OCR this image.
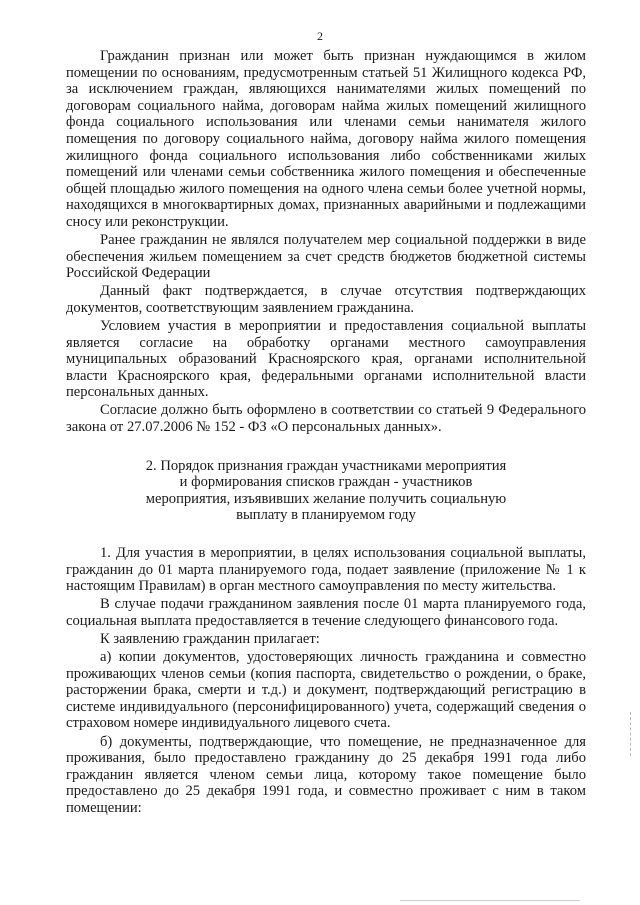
2

Гражданин признан или может быть признан нуждающимся в жилом помещении по основаниям, предусмотренным статьей 51 Жилищного кодекса РФ, за исключением граждан, являющихся нанимателями жилых помещений по договорам социального найма, договорам найма жилых помещений жилищного фонда социального использования или членами семьи нанимателя жилого помещения по договору социального найма, договору найма жилого помещения жилищного фонда социального использования либо собственниками жилых помещений или членами семьи собственника жилого помещения и обеспеченные общей площадью жилого помещения на одного члена семьи более учетной нормы, находящихся в многоквартирных домах, признанных аварийными и подлежащими сносу или реконструкции.

Ранее гражданин не являлся получателем мер социальной поддержки в виде обеспечения жильем помещением за счет средств бюджетов бюджетной системы Российской Федерации

Данный факт подтверждается, в случае отсутствия подтверждающих документов, соответствующим заявлением гражданина.

Условием участия в мероприятии и предоставления социальной выплаты является согласие на обработку органами местного самоуправления муниципальных образований Красноярского края, органами исполнительной власти Красноярского края, федеральными органами исполнительной власти персональных данных.

Согласие должно быть оформлено в соответствии со статьей 9 Федерального закона от 27.07.2006 № 152 - ФЗ «О персональных данных».

2. Порядок признания граждан участниками мероприятия
и формирования списков граждан - участников
мероприятия, изъявивших желание получить социальную
выплату в планируемом году

1. Для участия в мероприятии, в целях использования социальной выплаты, гражданин до 01 марта планируемого года, подает заявление (приложение № 1 к настоящим Правилам) в орган местного самоуправления по месту жительства.

В случае подачи гражданином заявления после 01 марта планируемого года, социальная выплата предоставляется в течение следующего финансового года.

К заявлению гражданин прилагает:

а) копии документов, удостоверяющих личность гражданина и совместно проживающих членов семьи (копия паспорта, свидетельство о рождении, о браке, расторжении брака, смерти и т.д.) и документ, подтверждающий регистрацию в системе индивидуального (персонифицированного) учета, содержащий сведения о страховом номере индивидуального лицевого счета.

б) документы, подтверждающие, что помещение, не предназначенное для проживания, было предоставлено гражданину до 25 декабря 1991 года либо гражданин является членом семьи лица, которому такое помещение было предоставлено до 25 декабря 1991 года, и совместно проживает с ним в таком помещении:
